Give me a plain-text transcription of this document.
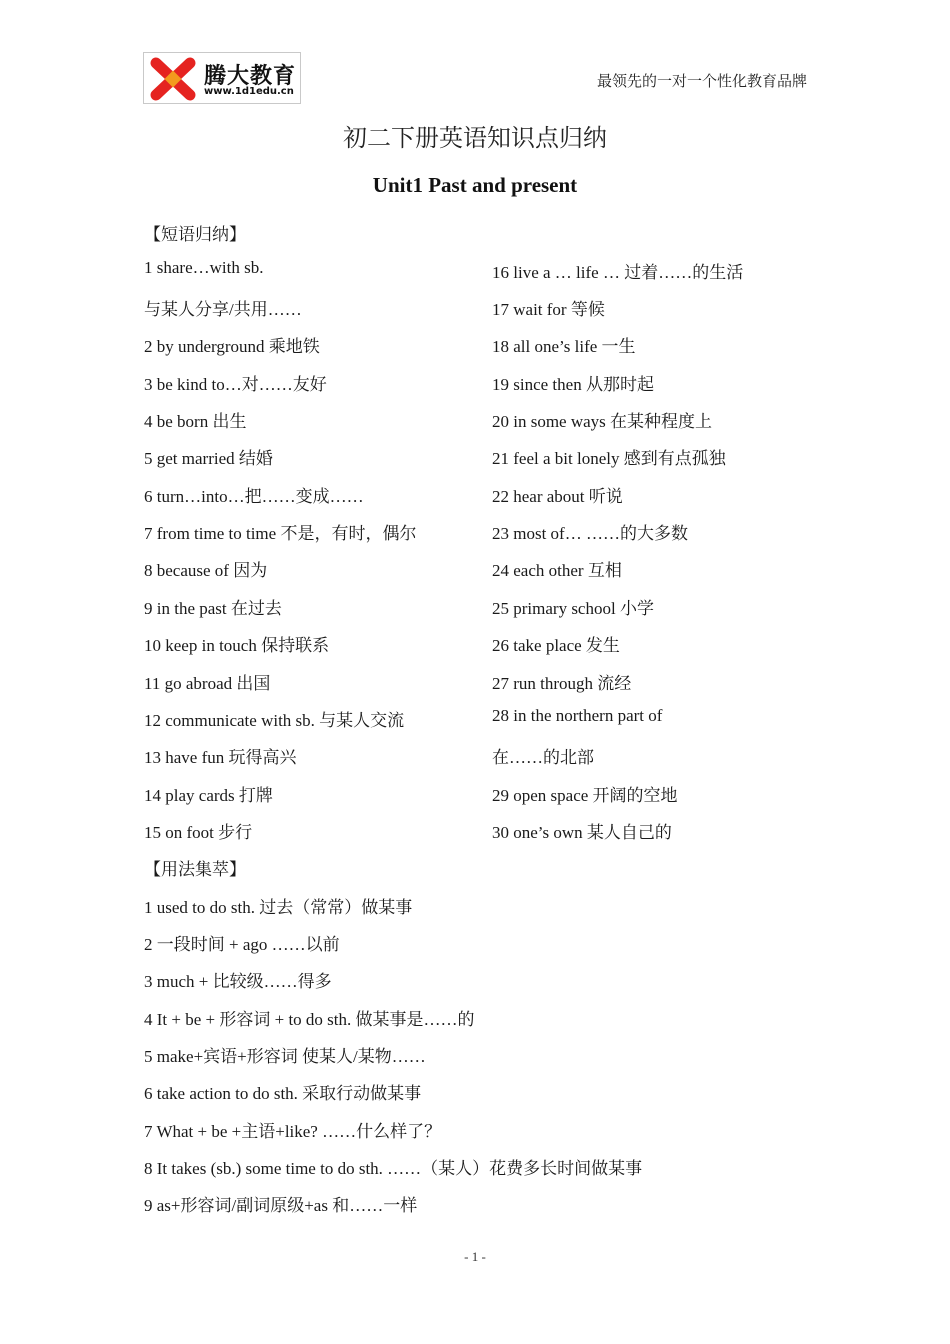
腾大教育
www.1d1edu.cn
最领先的一对一个性化教育品牌
初二下册英语知识点归纳
Unit1 Past and present
【短语归纳】
1 share…with sb.
与某人分享/共用……
2 by underground 乘地铁
3 be kind to…对……友好
4 be born 出生
5 get married 结婚
6 turn…into…把……变成……
7 from time to time 不是，有时，偶尔
8 because of 因为
9 in the past 在过去
10 keep in touch 保持联系
11 go abroad 出国
12 communicate with sb. 与某人交流
13 have fun 玩得高兴
14 play cards 打牌
15 on foot 步行
16 live a … life … 过着……的生活
17 wait for 等候
18 all one’s life 一生
19 since then 从那时起
20 in some ways 在某种程度上
21 feel a bit lonely 感到有点孤独
22 hear about 听说
23 most of… ……的大多数
24 each other 互相
25 primary school 小学
26 take place 发生
27 run through 流经
28 in the northern part of
在……的北部
29 open space 开阔的空地
30 one’s own 某人自己的
【用法集萃】
1 used to do sth. 过去（常常）做某事
2 一段时间 + ago ……以前
3 much + 比较级……得多
4 It + be + 形容词 + to do sth. 做某事是……的
5 make+宾语+形容词 使某人/某物……
6 take action to do sth. 采取行动做某事
7 What + be +主语+like? ……什么样了？
8 It takes (sb.) some time to do sth. ……（某人）花费多长时间做某事
9 as+形容词/副词原级+as 和……一样
- 1 -
